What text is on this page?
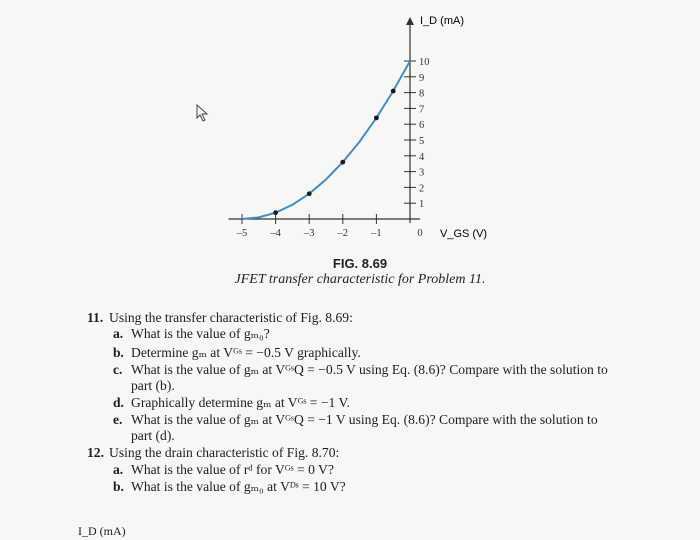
–5 –4 –3 –2 –1	0
1
2
3
4
5
6
7
8
9
10
I_D (mA)
V_GS (V)
FIG. 8.69
JFET transfer characteristic for Problem 11.
11. Using the transfer characteristic of Fig. 8.69:
a. What is the value of gₘ₀?
b. Determine gₘ at Vᴳˢ = −0.5 V graphically.
c. What is the value of gₘ at VᴳˢQ = −0.5 V using Eq. (8.6)? Compare with the solution to
part (b).
d. Graphically determine gₘ at Vᴳˢ = −1 V.
e. What is the value of gₘ at VᴳˢQ = −1 V using Eq. (8.6)? Compare with the solution to
part (d).
12. Using the drain characteristic of Fig. 8.70:
a. What is the value of rᵈ for Vᴳˢ = 0 V?
b. What is the value of gₘ₀ at Vᴰˢ = 10 V?
I_D (mA)
